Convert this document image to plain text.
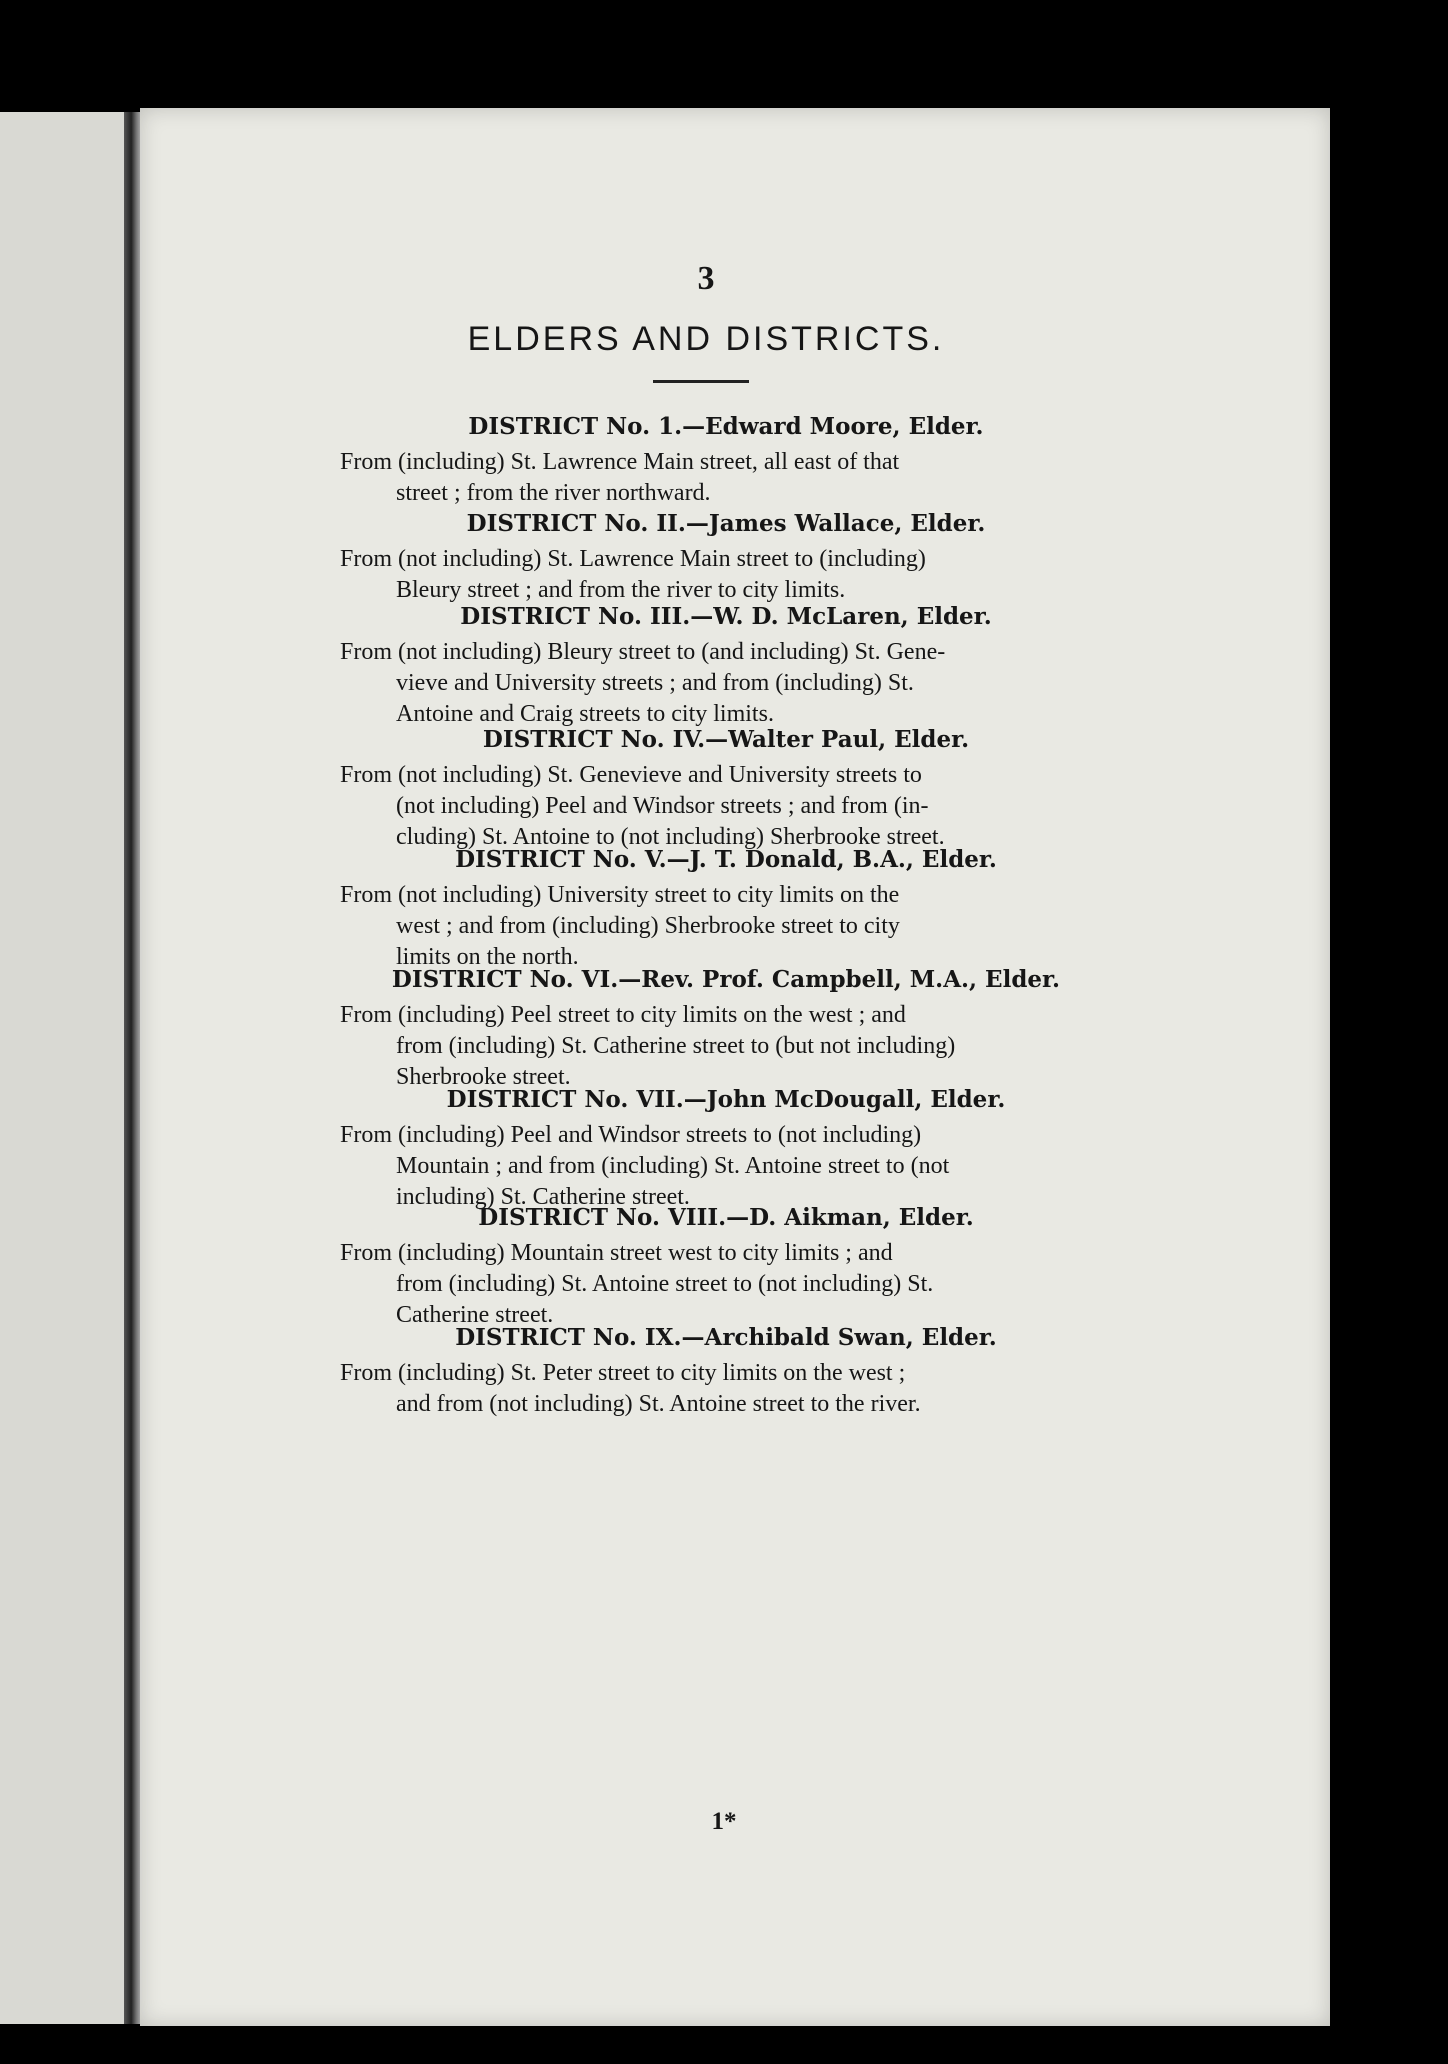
3
ELDERS AND DISTRICTS.
DISTRICT No. 1.—Edward Moore, Elder.

From (including) St. Lawrence Main street, all east of that
street ; from the river northward.

DISTRICT No. II.—James Wallace, Elder.

From (not including) St. Lawrence Main street to (including)
Bleury street ; and from the river to city limits.

DISTRICT No. III.—W. D. McLaren, Elder.

From (not including) Bleury street to (and including) St. Gene-
vieve and University streets ; and from (including) St.
Antoine and Craig streets to city limits.

DISTRICT No. IV.—Walter Paul, Elder.

From (not including) St. Genevieve and University streets to
(not including) Peel and Windsor streets ; and from (in-
cluding) St. Antoine to (not including) Sherbrooke street.

DISTRICT No. V.—J. T. Donald, B.A., Elder.

From (not including) University street to city limits on the
west ; and from (including) Sherbrooke street to city
limits on the north.

DISTRICT No. VI.—Rev. Prof. Campbell, M.A., Elder.

From (including) Peel street to city limits on the west ; and
from (including) St. Catherine street to (but not including)
Sherbrooke street.

DISTRICT No. VII.—John McDougall, Elder.

From (including) Peel and Windsor streets to (not including)
Mountain ; and from (including) St. Antoine street to (not
including) St. Catherine street.

DISTRICT No. VIII.—D. Aikman, Elder.

From (including) Mountain street west to city limits ; and
from (including) St. Antoine street to (not including) St.
Catherine street.

DISTRICT No. IX.—Archibald Swan, Elder.

From (including) St. Peter street to city limits on the west ;
and from (not including) St. Antoine street to the river.

1*
